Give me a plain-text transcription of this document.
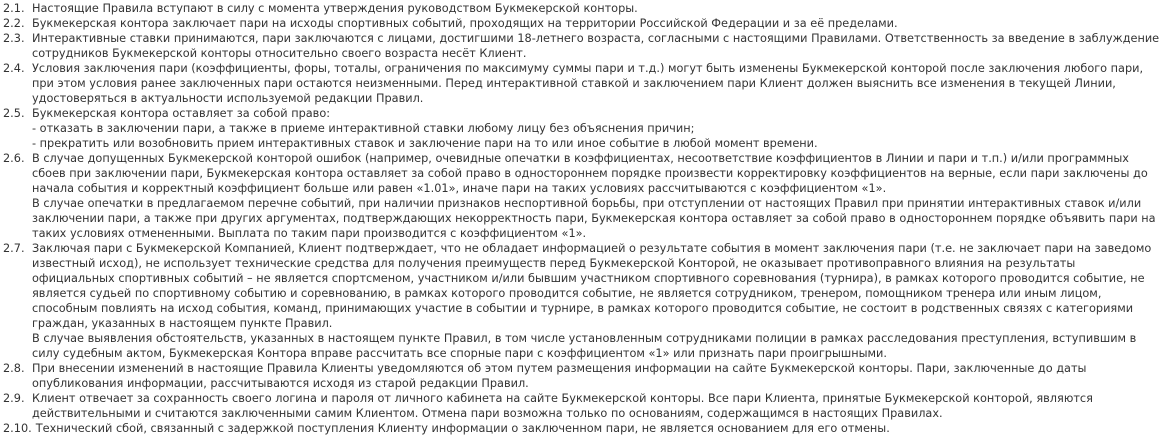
2.1. Настоящие Правила вступают в силу с момента утверждения руководством Букмекерской конторы.
2.2. Букмекерская контора заключает пари на исходы спортивных событий, проходящих на территории Российской Федерации и за её пределами.
2.3. Интерактивные ставки принимаются, пари заключаются с лицами, достигшими 18-летнего возраста, согласными с настоящими Правилами. Ответственность за введение в заблуждение
сотрудников Букмекерской конторы относительно своего возраста несёт Клиент.
2.4. Условия заключения пари (коэффициенты, форы, тоталы, ограничения по максимуму суммы пари и т.д.) могут быть изменены Букмекерской конторой после заключения любого пари,
при этом условия ранее заключенных пари остаются неизменными. Перед интерактивной ставкой и заключением пари Клиент должен выяснить все изменения в текущей Линии,
удостоверяться в актуальности используемой редакции Правил.
2.5. Букмекерская контора оставляет за собой право:
- отказать в заключении пари, а также в приеме интерактивной ставки любому лицу без объяснения причин;
- прекратить или возобновить прием интерактивных ставок и заключение пари на то или иное событие в любой момент времени.
2.6. В случае допущенных Букмекерской конторой ошибок (например, очевидные опечатки в коэффициентах, несоответствие коэффициентов в Линии и пари и т.п.) и/или программных
сбоев при заключении пари, Букмекерская контора оставляет за собой право в одностороннем порядке произвести корректировку коэффициентов на верные, если пари заключены до
начала события и корректный коэффициент больше или равен «1.01», иначе пари на таких условиях рассчитываются с коэффициентом «1».
В случае опечатки в предлагаемом перечне событий, при наличии признаков неспортивной борьбы, при отступлении от настоящих Правил при принятии интерактивных ставок и/или
заключении пари, а также при других аргументах, подтверждающих некорректность пари, Букмекерская контора оставляет за собой право в одностороннем порядке объявить пари на
таких условиях отмененными. Выплата по таким пари производится с коэффициентом «1».
2.7. Заключая пари с Букмекерской Компанией, Клиент подтверждает, что не обладает информацией о результате события в момент заключения пари (т.е. не заключает пари на заведомо
известный исход), не использует технические средства для получения преимуществ перед Букмекерской Конторой, не оказывает противоправного влияния на результаты
официальных спортивных событий – не является спортсменом, участником и/или бывшим участником спортивного соревнования (турнира), в рамках которого проводится событие, не
является судьей по спортивному событию и соревнованию, в рамках которого проводится событие, не является сотрудником, тренером, помощником тренера или иным лицом,
способным повлиять на исход события, команд, принимающих участие в событии и турнире, в рамках которого проводится событие, не состоит в родственных связях с категориями
граждан, указанных в настоящем пункте Правил.
В случае выявления обстоятельств, указанных в настоящем пункте Правил, в том числе установленным сотрудниками полиции в рамках расследования преступления, вступившим в
силу судебным актом, Букмекерская Контора вправе рассчитать все спорные пари с коэффициентом «1» или признать пари проигрышными.
2.8. При внесении изменений в настоящие Правила Клиенты уведомляются об этом путем размещения информации на сайте Букмекерской конторы. Пари, заключенные до даты
опубликования информации, рассчитываются исходя из старой редакции Правил.
2.9. Клиент отвечает за сохранность своего логина и пароля от личного кабинета на сайте Букмекерской конторы. Все пари Клиента, принятые Букмекерской конторой, являются
действительными и считаются заключенными самим Клиентом. Отмена пари возможна только по основаниям, содержащимся в настоящих Правилах.
2.10. Технический сбой, связанный с задержкой поступления Клиенту информации о заключенном пари, не является основанием для его отмены.
